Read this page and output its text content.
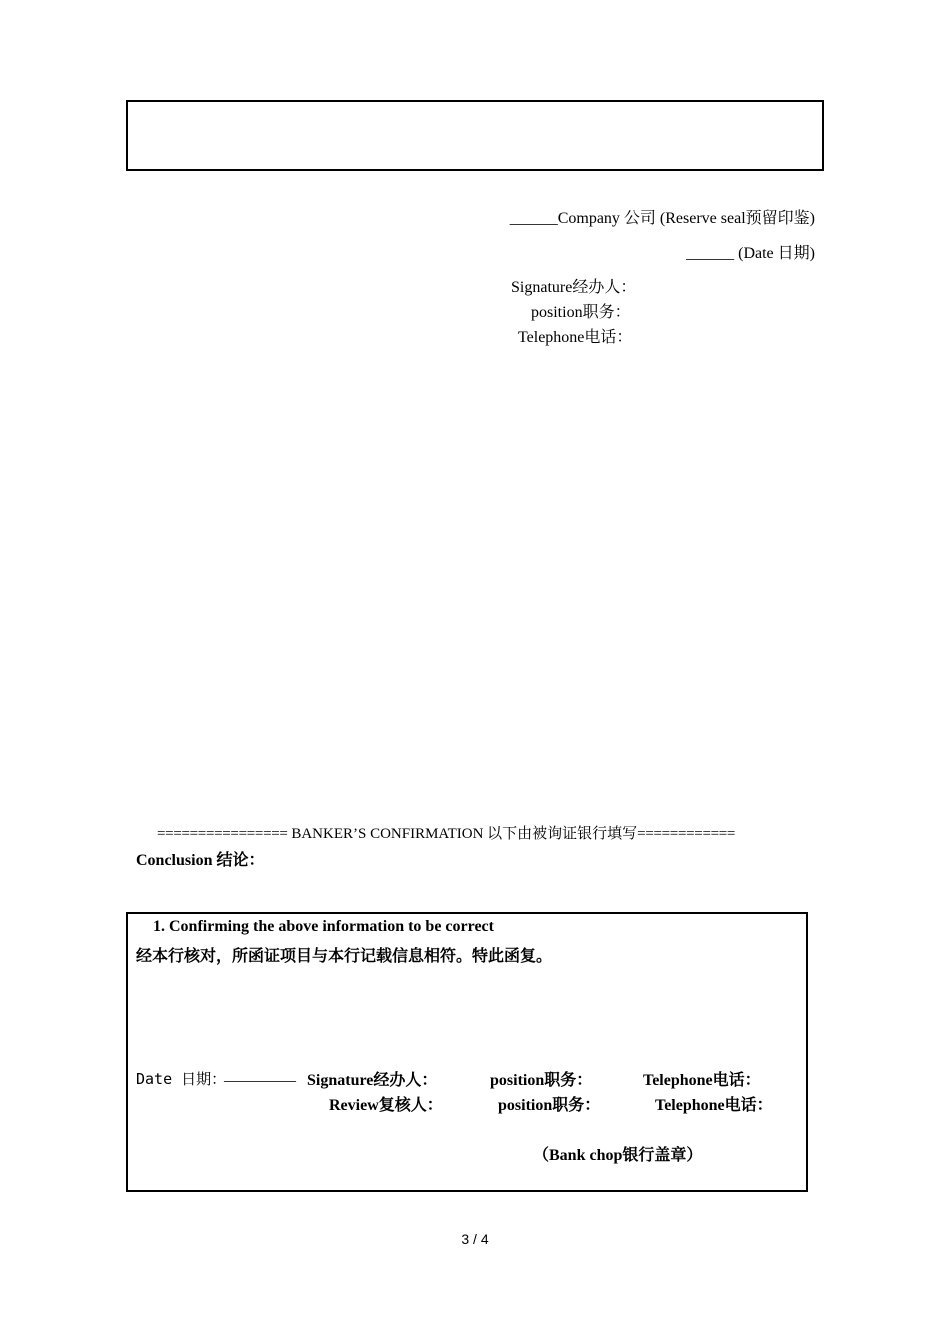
______Company 公司 (Reserve seal预留印鉴)
______ (Date 日期)
Signature经办人：
position职务：
Telephone电话：
================ BANKER’S CONFIRMATION 以下由被询证银行填写============
Conclusion 结论：
1. Confirming the above information to be correct
经本行核对，所函证项目与本行记载信息相符。特此函复。
Date 日期：
_________ Signature经办人：	position职务：	Telephone电话：
Review复核人：	position职务：	Telephone电话：
（Bank chop银行盖章）
3 / 4
